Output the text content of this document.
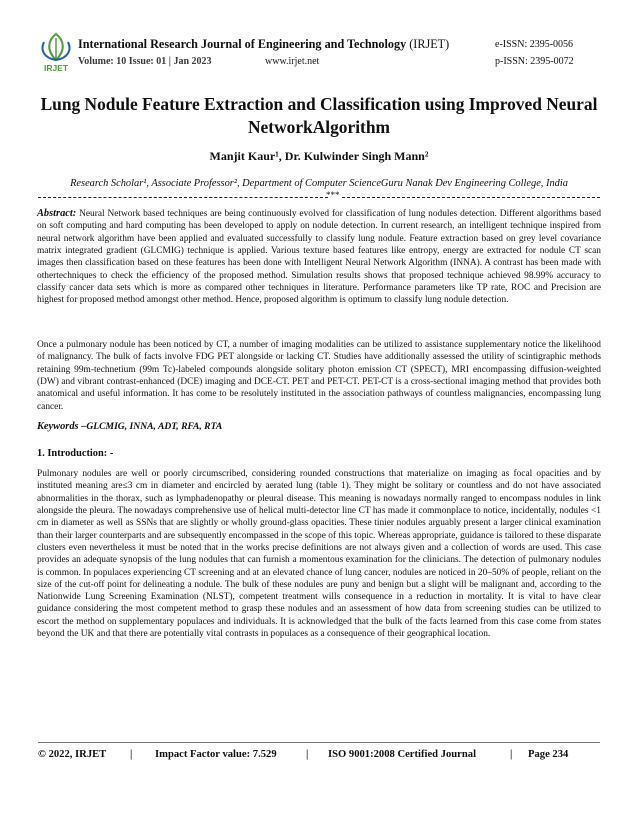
IRJET
International Research Journal of Engineering and Technology (IRJET)
Volume: 10 Issue: 01 | Jan 2023	www.irjet.net
e-ISSN: 2395-0056
p-ISSN: 2395-0072
Lung Nodule Feature Extraction and Classification using Improved Neural NetworkAlgorithm

Manjit Kaur¹, Dr. Kulwinder Singh Mann²

Research Scholar¹, Associate Professor², Department of Computer ScienceGuru Nanak Dev Engineering College, India

***

Abstract: Neural Network based techniques are being continuously evolved for classification of lung nodules detection. Different algorithms based on soft computing and hard computing has been developed to apply on nodule detection. In current research, an intelligent technique inspired from neural network algorithm have been applied and evaluated successfully to classify lung nodule. Feature extraction based on grey level covariance matrix integrated gradient (GLCMIG) technique is applied. Various texture based features like entropy, energy are extracted for nodule CT scan images then classification based on these features has been done with Intelligent Neural Network Algorithm (INNA). A contrast has been made with othertechniques to check the efficiency of the proposed method. Simulation results shows that proposed technique achieved 98.99% accuracy to classify cancer data sets which is more as compared other techniques in literature. Performance parameters like TP rate, ROC and Precision are highest for proposed method amongst other method. Hence, proposed algorithm is optimum to classify lung nodule detection.

Once a pulmonary nodule has been noticed by CT, a number of imaging modalities can be utilized to assistance supplementary notice the likelihood of malignancy. The bulk of facts involve FDG PET alongside or lacking CT. Studies have additionally assessed the utility of scintigraphic methods retaining 99m-technetium (99m Tc)-labeled compounds alongside solitary photon emission CT (SPECT), MRI encompassing diffusion-weighted (DW) and vibrant contrast-enhanced (DCE) imaging and DCE-CT. PET and PET-CT. PET-CT is a cross-sectional imaging method that provides both anatomical and useful information. It has come to be resolutely instituted in the association pathways of countless malignancies, encompassing lung cancer.

Keywords –GLCMIG, INNA, ADT, RFA, RTA

1. Introduction: -

Pulmonary nodules are well or poorly circumscribed, considering rounded constructions that materialize on imaging as focal opacities and by instituted meaning are≤3 cm in diameter and encircled by aerated lung (table 1). They might be solitary or countless and do not have associated abnormalities in the thorax, such as lymphadenopathy or pleural disease. This meaning is nowadays normally ranged to encompass nodules in link alongside the pleura. The nowadays comprehensive use of helical multi-detector line CT has made it commonplace to notice, incidentally, nodules <1 cm in diameter as well as SSNs that are slightly or wholly ground-glass opacities. These tinier nodules arguably present a larger clinical examination than their larger counterparts and are subsequently encompassed in the scope of this topic. Whereas appropriate, guidance is tailored to these disparate clusters even nevertheless it must be noted that in the works precise definitions are not always given and a collection of words are used. This case provides an adequate synopsis of the lung nodules that can furnish a momentous examination for the clinicians. The detection of pulmonary nodules is common. In populaces experiencing CT screening and at an elevated chance of lung cancer, nodules are noticed in 20–50% of people, reliant on the size of the cut-off point for delineating a nodule. The bulk of these nodules are puny and benign but a slight will be malignant and, according to the Nationwide Lung Screening Examination (NLST), competent treatment wills consequence in a reduction in mortality. It is vital to have clear guidance considering the most competent method to grasp these nodules and an assessment of how data from screening studies can be utilized to escort the method on supplementary populaces and individuals. It is acknowledged that the bulk of the facts learned from this case come from states beyond the UK and that there are potentially vital contrasts in populaces as a consequence of their geographical location.

© 2022, IRJET | Impact Factor value: 7.529	| ISO 9001:2008 Certified Journal	| Page 234
